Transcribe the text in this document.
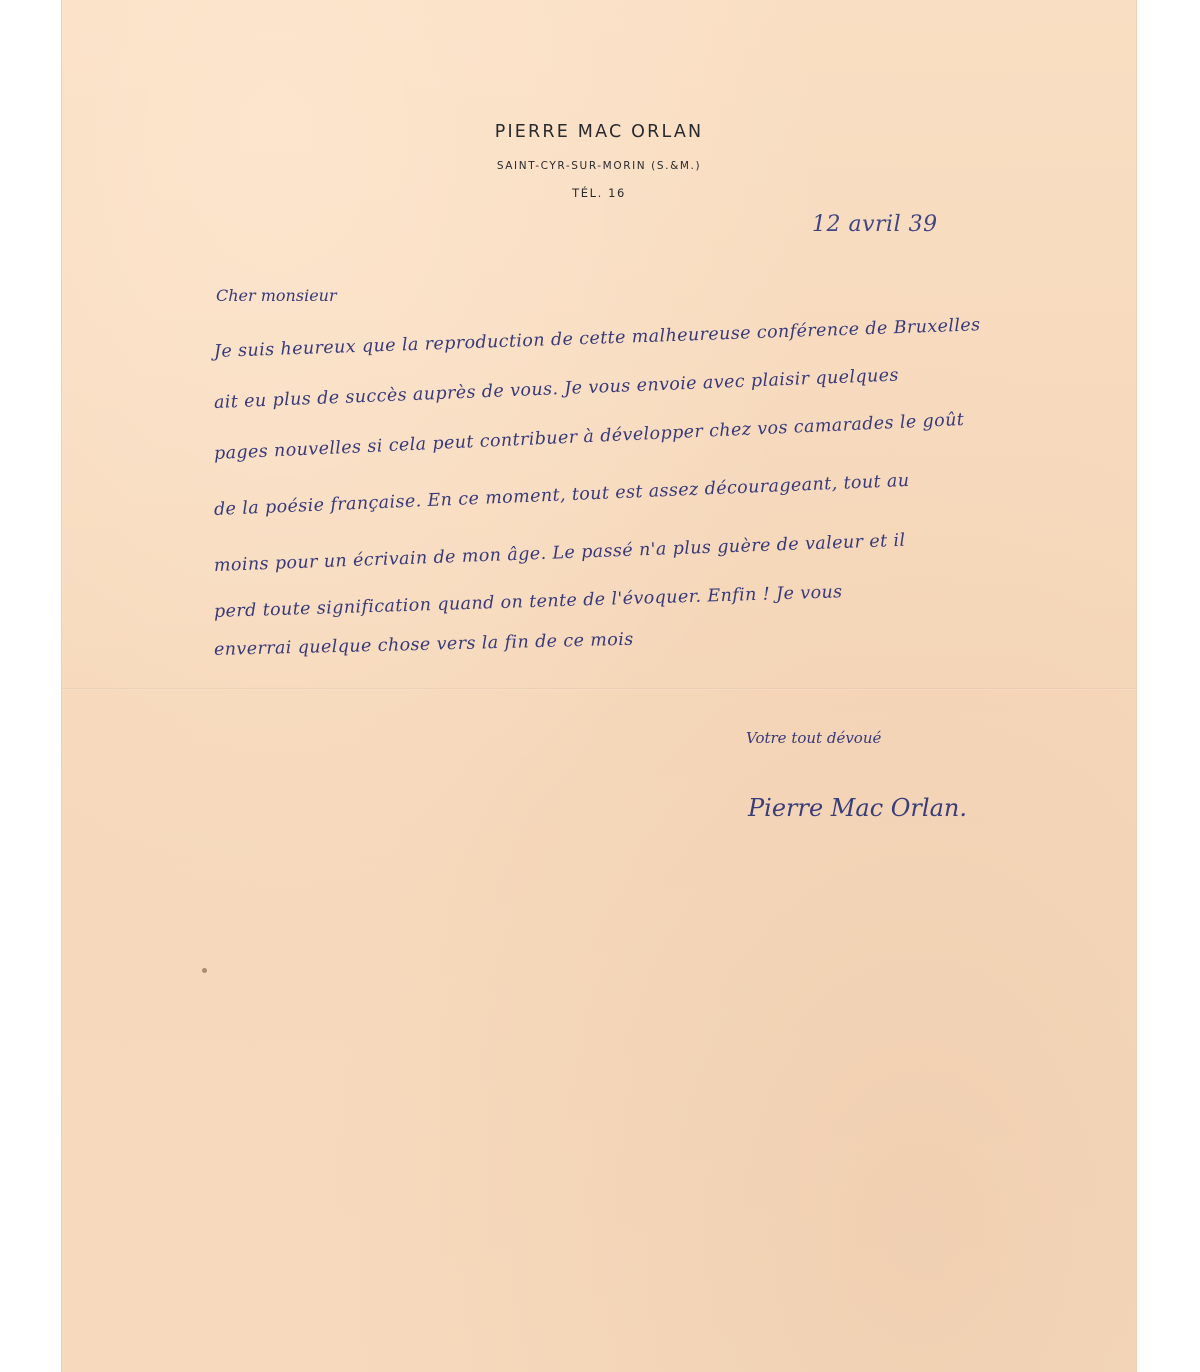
PIERRE MAC ORLAN
SAINT-CYR-SUR-MORIN (S.&M.)
TÉL. 16
12 avril 39
Cher monsieur
Je suis heureux que la reproduction de cette malheureuse conférence de Bruxelles
ait eu plus de succès auprès de vous. Je vous envoie avec plaisir quelques
pages nouvelles si cela peut contribuer à développer chez vos camarades le goût
de la poésie française. En ce moment, tout est assez décourageant, tout au
moins pour un écrivain de mon âge. Le passé n'a plus guère de valeur et il
perd toute signification quand on tente de l'évoquer. Enfin ! Je vous
enverrai quelque chose vers la fin de ce mois
Votre tout dévoué
Pierre Mac Orlan.
